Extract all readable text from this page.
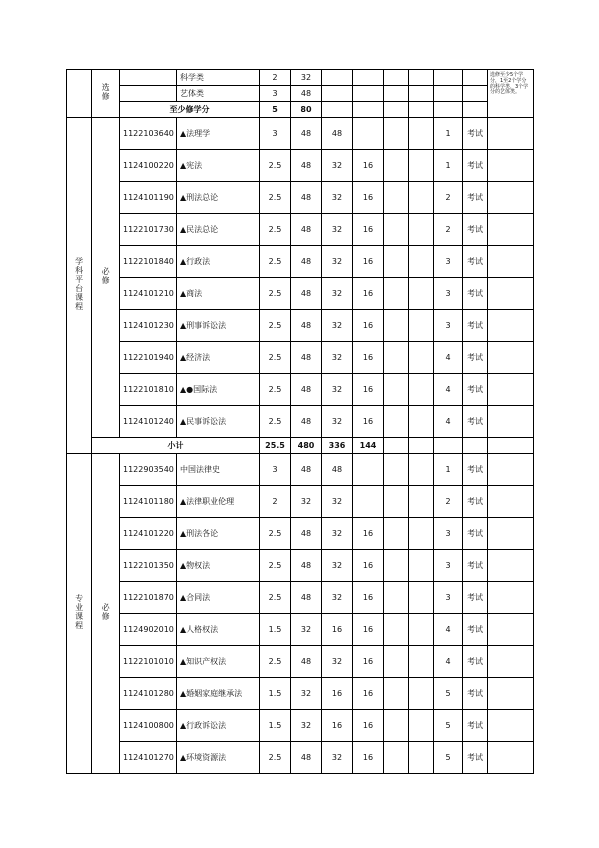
	选修		科学类	2	32							选修至少5个学分，1至2个学分的科学类，3个学分的艺体类。
			艺体类	3	48							
		至少修学分		5	80							
学科平台课程	必修	1122103640	▲法理学	3	48	48				1	考试	
		1124100220	▲宪法	2.5	48	32	16			1	考试	
		1124101190	▲刑法总论	2.5	48	32	16			2	考试	
		1122101730	▲民法总论	2.5	48	32	16			2	考试	
		1122101840	▲行政法	2.5	48	32	16			3	考试	
		1124101210	▲商法	2.5	48	32	16			3	考试	
		1124101230	▲刑事诉讼法	2.5	48	32	16			3	考试	
		1122101940	▲经济法	2.5	48	32	16			4	考试	
		1122101810	▲●国际法	2.5	48	32	16			4	考试	
		1124101240	▲民事诉讼法	2.5	48	32	16			4	考试	
	小计			25.5	480	336	144					
专业课程	必修	1122903540	中国法律史	3	48	48				1	考试	
		1124101180	▲法律职业伦理	2	32	32				2	考试	
		1124101220	▲刑法各论	2.5	48	32	16			3	考试	
		1122101350	▲物权法	2.5	48	32	16			3	考试	
		1122101870	▲合同法	2.5	48	32	16			3	考试	
		1124902010	▲人格权法	1.5	32	16	16			4	考试	
		1122101010	▲知识产权法	2.5	48	32	16			4	考试	
		1124101280	▲婚姻家庭继承法	1.5	32	16	16			5	考试	
		1124100800	▲行政诉讼法	1.5	32	16	16			5	考试	
		1124101270	▲环境资源法	2.5	48	32	16			5	考试	
